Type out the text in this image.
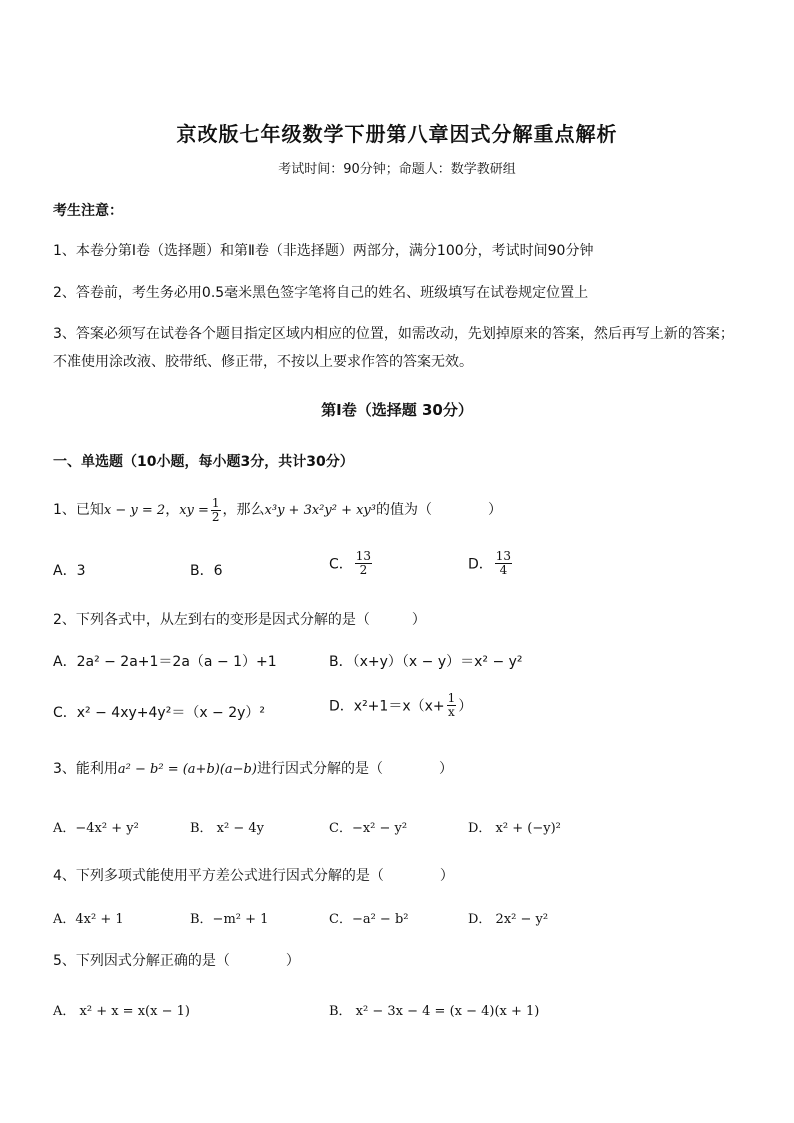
京改版七年级数学下册第八章因式分解重点解析
考试时间：90分钟；命题人：数学教研组
考生注意：
1、本卷分第Ⅰ卷（选择题）和第Ⅱ卷（非选择题）两部分，满分100分，考试时间90分钟
2、答卷前，考生务必用0.5毫米黑色签字笔将自己的姓名、班级填写在试卷规定位置上
3、答案必须写在试卷各个题目指定区域内相应的位置，如需改动，先划掉原来的答案，然后再写上新的答案；不准使用涂改液、胶带纸、修正带，不按以上要求作答的答案无效。
第Ⅰ卷（选择题 30分）
一、单选题（10小题，每小题3分，共计30分）
1、已知x − y = 2，xy = $\frac{1}{2}$ ，那么x³y + 3x²y² + xy³的值为（　　　　）
A．3	B．6	C． $\frac{13}{2}$	D． $\frac{13}{4}$
2、下列各式中，从左到右的变形是因式分解的是（　　　）
A．2a² − 2a+1＝2a（a − 1）+1	B．（x+y）（x − y）＝x² − y²
C．x² − 4xy+4y²＝（x − 2y）²	D．$x^2+1=x(x+ \frac{1}{x}$ ）
3、能利用a² − b² = (a+b)(a−b)进行因式分解的是（　　　　）
A．−4x² + y²	B． x² − 4y	C．−x² − y²	D． x² + (−y)²
4、下列多项式能使用平方差公式进行因式分解的是（　　　　）
A．4x² + 1	B．−m² + 1	C．−a² − b²	D． 2x² − y²
5、下列因式分解正确的是（　　　　）
A． x² + x = x(x − 1)	B． x² − 3x − 4 = (x − 4)(x + 1)
